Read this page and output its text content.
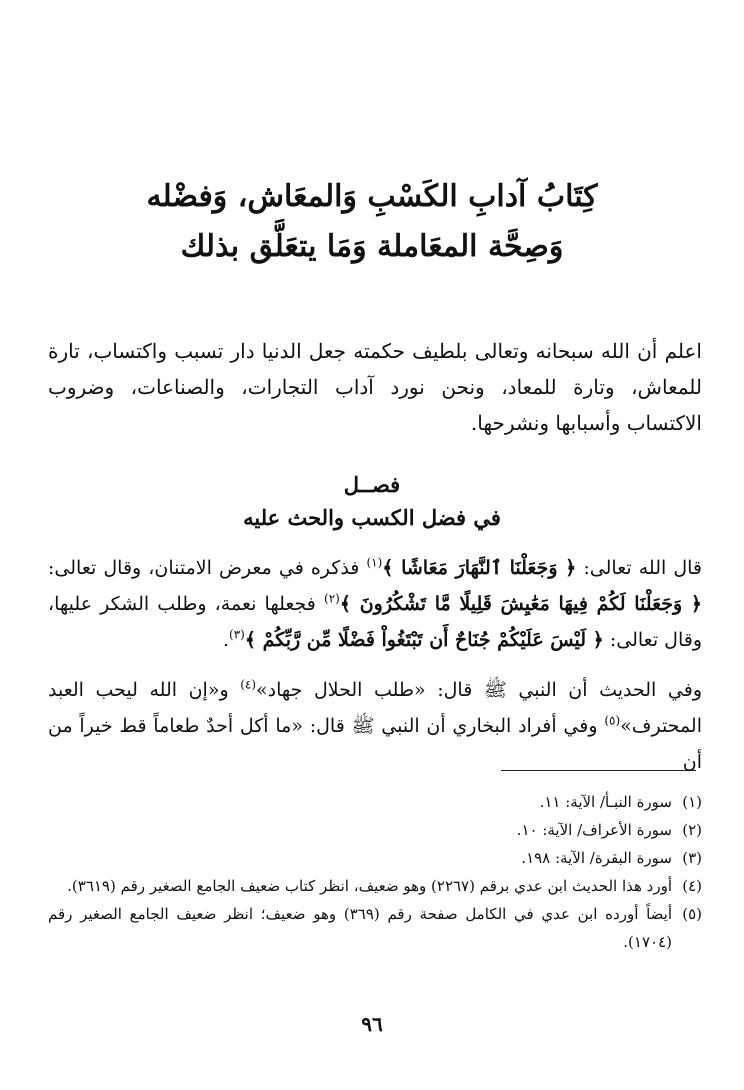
كِتَابُ آدابِ الكَسْبِ وَالمعَاش، وَفضْله
وَصِحَّة المعَاملة وَمَا يتعَلَّق بذلك

اعلم أن الله سبحانه وتعالى بلطيف حكمته جعل الدنيا دار تسبب واكتساب، تارة للمعاش، وتارة للمعاد، ونحن نورد آداب التجارات، والصناعات، وضروب الاكتساب وأسبابها ونشرحها.

فصــل
في فضل الكسب والحث عليه

قال الله تعالى: ﴿ وَجَعَلْنَا ٱلنَّهَارَ مَعَاشًا ﴾$^{(١)}$ فذكره في معرض الامتنان، وقال تعالى: ﴿ وَجَعَلْنَا لَكُمْ فِيهَا مَعَٰيِشَ قَلِيلًا مَّا تَشْكُرُونَ ﴾$^{(٢)}$ فجعلها نعمة، وطلب الشكر عليها، وقال تعالى: ﴿ لَيْسَ عَلَيْكُمْ جُنَاحٌ أَن تَبْتَغُواْ فَضْلًا مِّن رَّبِّكُمْ ﴾$^{(٣)}$.

وفي الحديث أن النبي ﷺ قال: «طلب الحلال جهاد»$^{(٤)}$ و«إن الله ليحب العبد المحترف»$^{(٥)}$ وفي أفراد البخاري أن النبي ﷺ قال: «ما أكل أحدٌ طعاماً قط خيراً من أن

(١)
سورة النبـأ/ الآية: ١١.
(٢)
سورة الأعراف/ الآية: ١٠.
(٣)
سورة البقرة/ الآية: ١٩٨.
(٤)
أورد هذا الحديث ابن عدي برقم (٢٢٦٧) وهو ضعيف، انظر كتاب ضعيف الجامع الصغير رقم (٣٦١٩).
(٥)
أيضاً أورده ابن عدي في الكامل صفحة رقم (٣٦٩) وهو ضعيف؛ انظر ضعيف الجامع الصغير رقم (١٧٠٤).
٩٦
